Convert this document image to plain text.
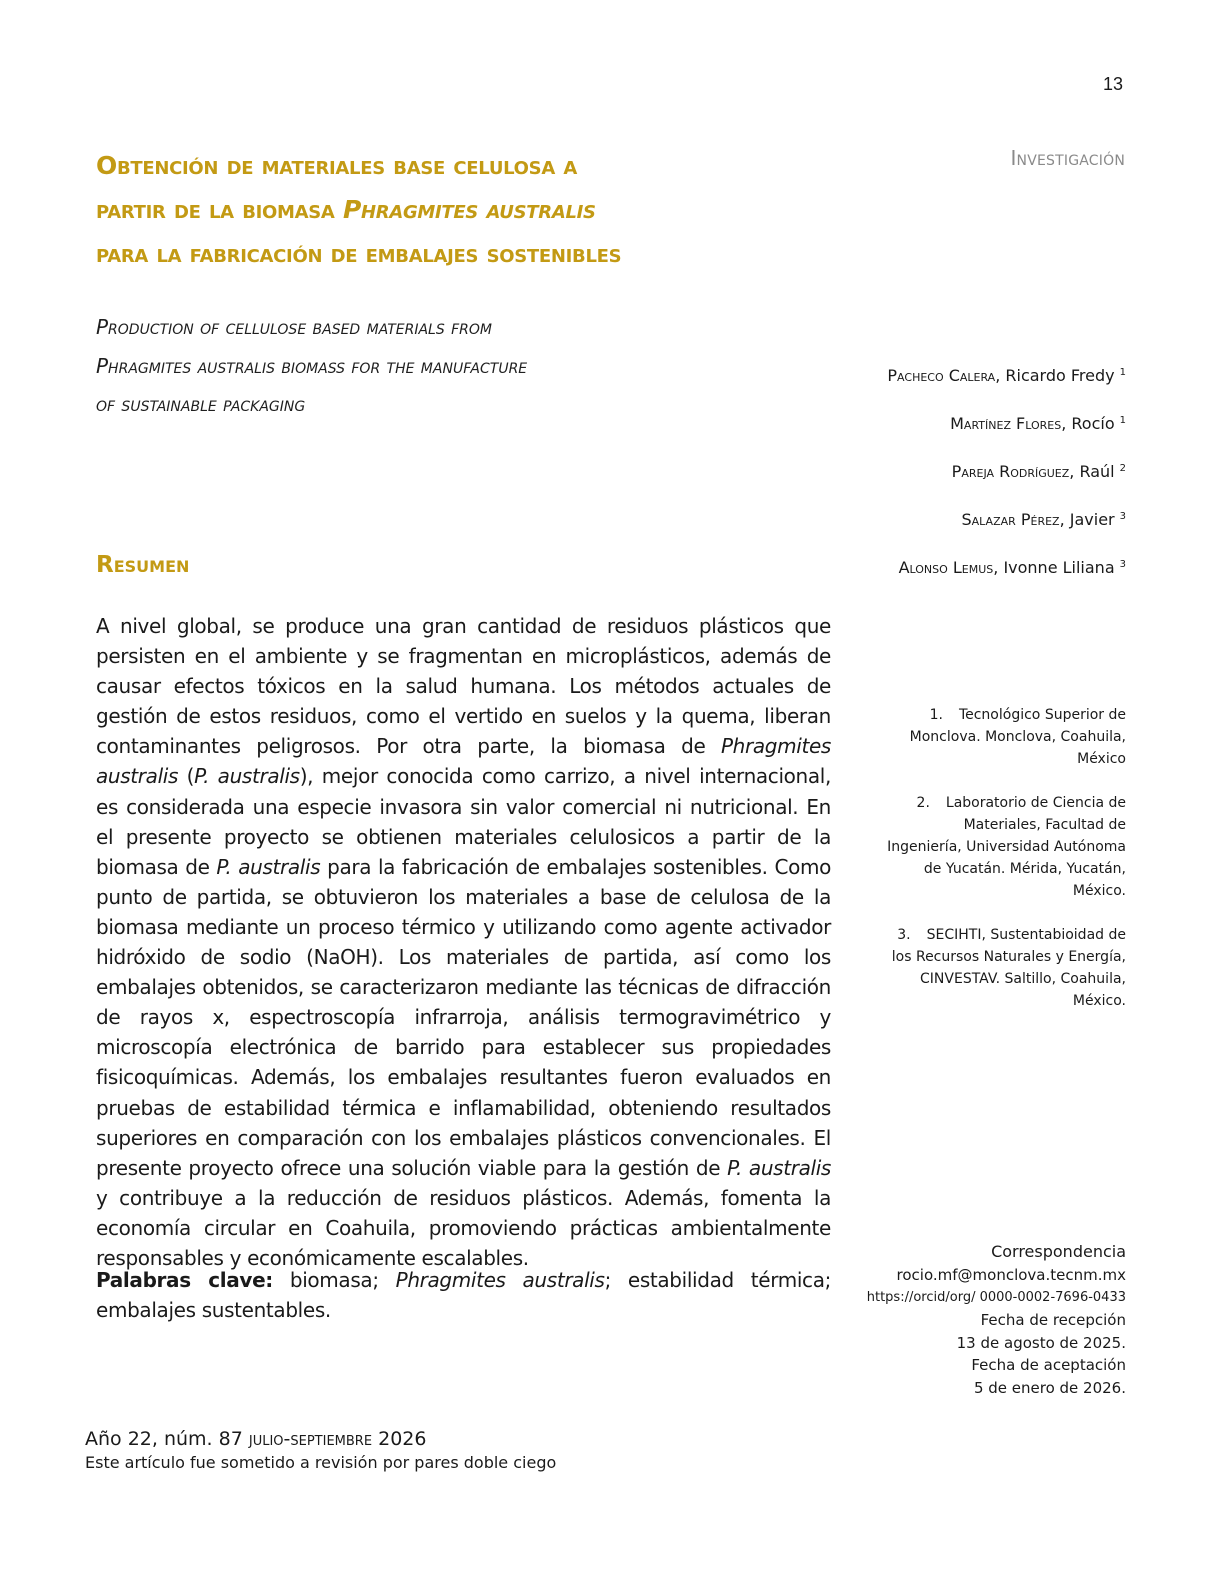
13
Investigación
Obtención de materiales base celulosa a
partir de la biomasa Phragmites australis
para la fabricación de embalajes sostenibles
Production of cellulose based materials from
Phragmites australis biomass for the manufacture
of sustainable packaging
Pacheco Calera, Ricardo Fredy $^1$
Martínez Flores, Rocío $^1$
Pareja Rodríguez, Raúl $^2$
Salazar Pérez, Javier $^3$
Alonso Lemus, Ivonne Liliana $^3$
Resumen

A nivel global, se produce una gran cantidad de residuos plásticos que persisten en el ambiente y se fragmentan en microplásticos, además de causar efectos tóxicos en la salud humana. Los métodos actuales de gestión de estos residuos, como el vertido en suelos y la quema, liberan contaminantes peligrosos. Por otra parte, la biomasa de Phragmites australis (P. australis), mejor conocida como carrizo, a nivel internacional, es considerada una especie invasora sin valor comercial ni nutricional. En el presente proyecto se obtienen materiales celulosicos a partir de la biomasa de P. australis para la fabricación de embalajes sostenibles. Como punto de partida, se obtuvieron los materiales a base de celulosa de la biomasa mediante un proceso térmico y utilizando como agente activador hidróxido de sodio (NaOH). Los materiales de partida, así como los embalajes obtenidos, se caracterizaron mediante las técnicas de difracción de rayos x, espectroscopía infrarroja, análisis termogravimétrico y microscopía electrónica de barrido para establecer sus propiedades fisicoquímicas. Además, los embalajes resultantes fueron evaluados en pruebas de estabilidad térmica e inflamabilidad, obteniendo resultados superiores en comparación con los embalajes plásticos convencionales. El presente proyecto ofrece una solución viable para la gestión de P. australis y contribuye a la reducción de residuos plásticos. Además, fomenta la economía circular en Coahuila, promoviendo prácticas ambientalmente responsables y económicamente escalables.

Palabras clave: biomasa; Phragmites australis; estabilidad térmica; embalajes sustentables.
1. Tecnológico Superior de Monclova. Monclova, Coahuila, México
2. Laboratorio de Ciencia de Materiales, Facultad de Ingeniería, Universidad Autónoma de Yucatán. Mérida, Yucatán, México.
3. SECIHTI, Sustentabioidad de los Recursos Naturales y Energía, CINVESTAV. Saltillo, Coahuila, México.
Correspondencia
rocio.mf@monclova.tecnm.mx
https://orcid/org/ 0000-0002-7696-0433
Fecha de recepción
13 de agosto de 2025.
Fecha de aceptación
5 de enero de 2026.
Año 22, núm. 87 julio-septiembre 2026
Este artículo fue sometido a revisión por pares doble ciego
